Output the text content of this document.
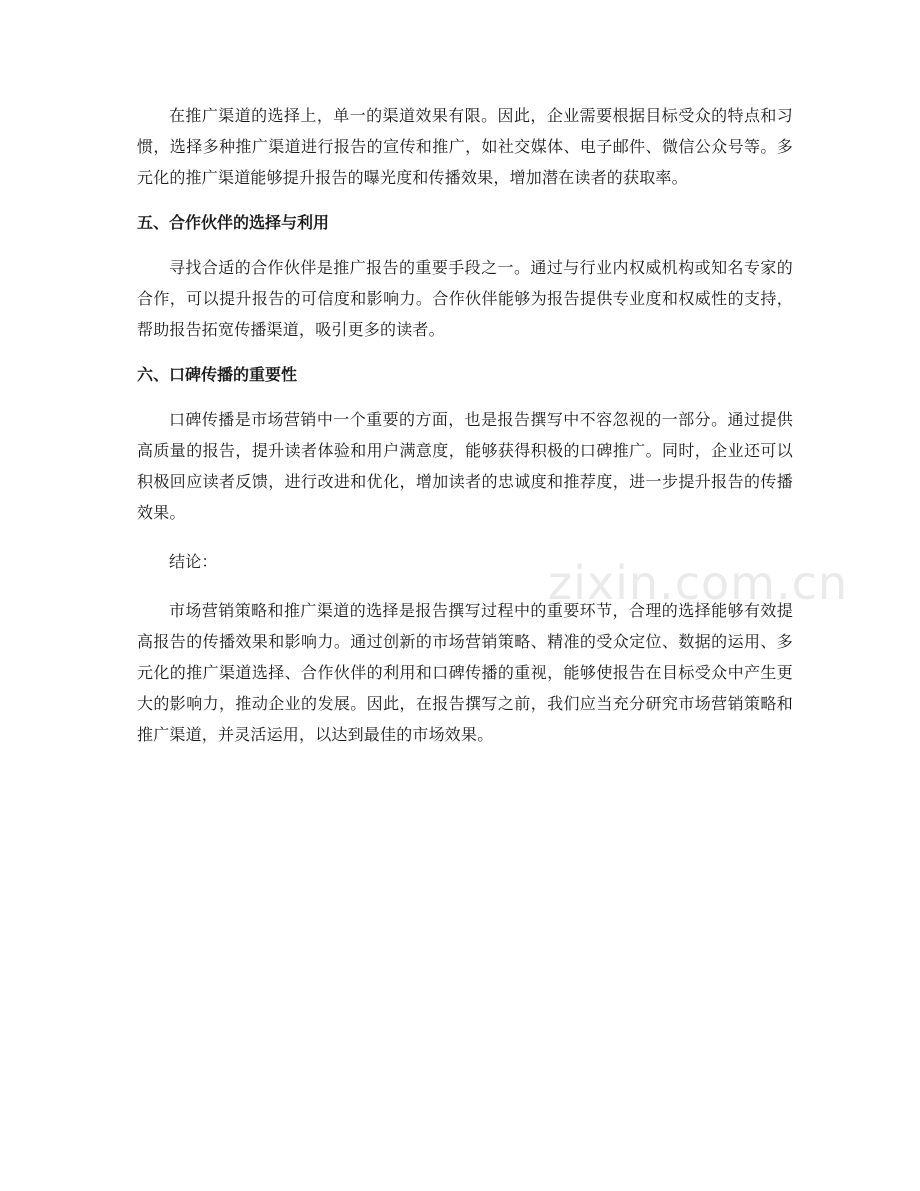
在推广渠道的选择上，单一的渠道效果有限。因此，企业需要根据目标受众的特点和习惯，选择多种推广渠道进行报告的宣传和推广，如社交媒体、电子邮件、微信公众号等。多元化的推广渠道能够提升报告的曝光度和传播效果，增加潜在读者的获取率。

五、合作伙伴的选择与利用

寻找合适的合作伙伴是推广报告的重要手段之一。通过与行业内权威机构或知名专家的合作，可以提升报告的可信度和影响力。合作伙伴能够为报告提供专业度和权威性的支持，帮助报告拓宽传播渠道，吸引更多的读者。

六、口碑传播的重要性

口碑传播是市场营销中一个重要的方面，也是报告撰写中不容忽视的一部分。通过提供高质量的报告，提升读者体验和用户满意度，能够获得积极的口碑推广。同时，企业还可以积极回应读者反馈，进行改进和优化，增加读者的忠诚度和推荐度，进一步提升报告的传播效果。

结论：

市场营销策略和推广渠道的选择是报告撰写过程中的重要环节，合理的选择能够有效提高报告的传播效果和影响力。通过创新的市场营销策略、精准的受众定位、数据的运用、多元化的推广渠道选择、合作伙伴的利用和口碑传播的重视，能够使报告在目标受众中产生更大的影响力，推动企业的发展。因此，在报告撰写之前，我们应当充分研究市场营销策略和推广渠道，并灵活运用，以达到最佳的市场效果。

zixin.com.cn
